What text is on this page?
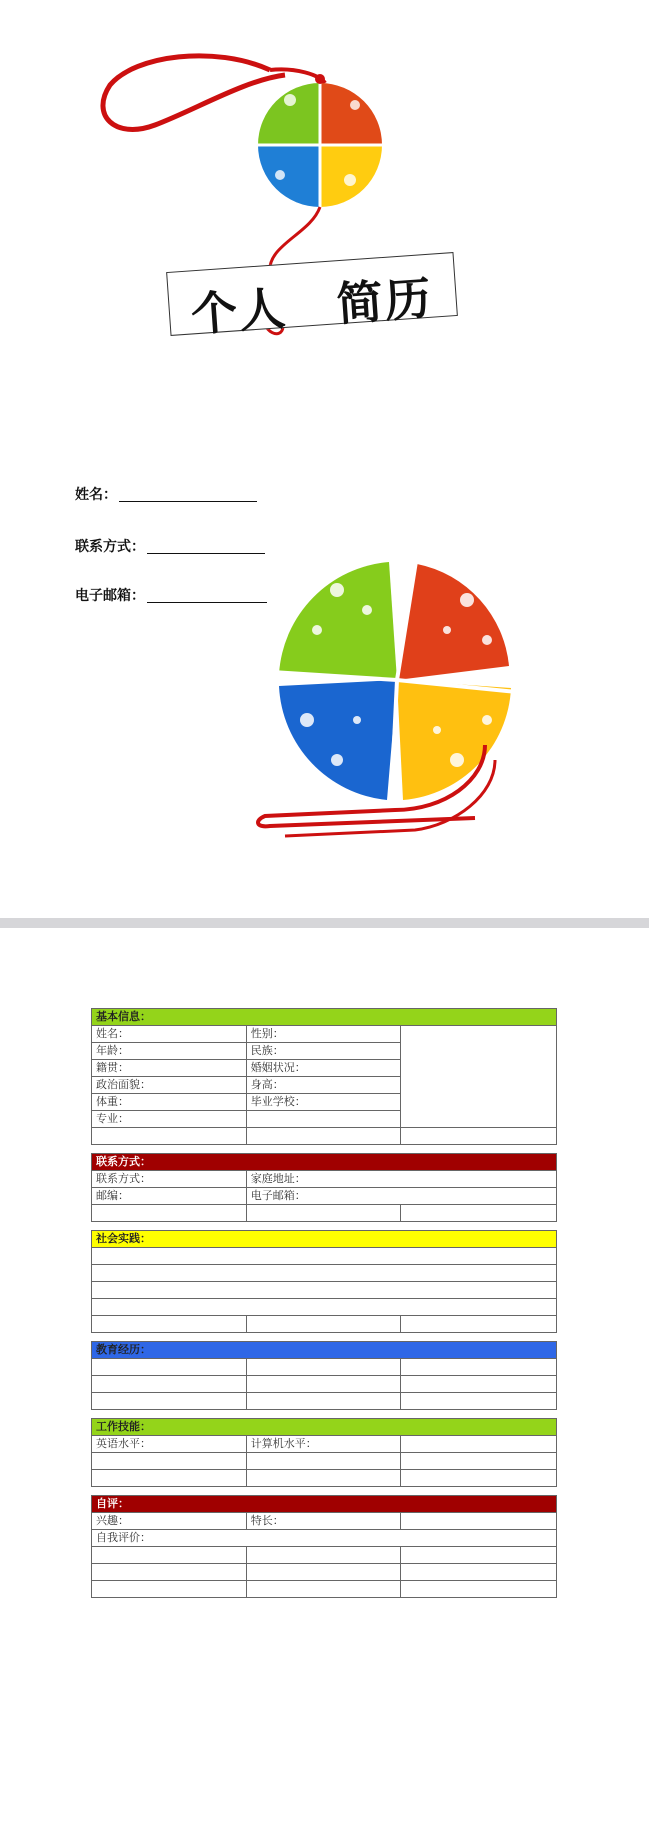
个人 简历
姓名：
联系方式：
电子邮箱：
基本信息：		
姓名：	性别：	
年龄：	民族：	
籍贯：	婚姻状况：	
政治面貌：	身高：	
体重：	毕业学校：	
专业：		

联系方式：		
联系方式：	家庭地址：	
邮编：	电子邮箱：	

社会实践：		

教育经历：		

工作技能：		
英语水平：	计算机水平：	

自评：		
兴趣：	特长：	
自我评价：		
